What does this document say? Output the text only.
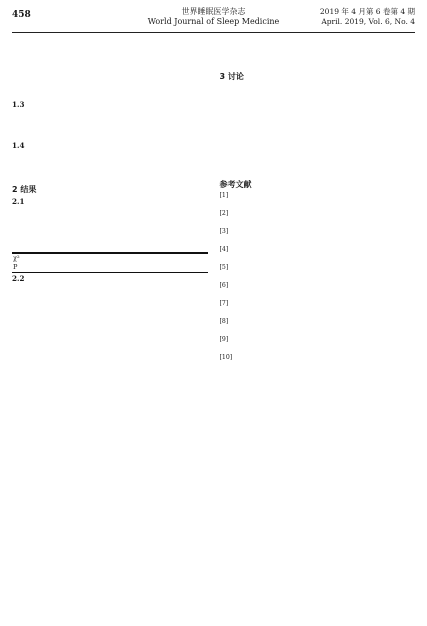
458	世界睡眠医学杂志
World Journal of Sleep Medicine
2019 年 4 月第 6 卷第 4 期
April. 2019, Vol. 6, No. 4

1.3

1.4

2 结果
2.1

χ²				
P				
2.2

3 讨论

参考文献
[1]
[2]
[3]
[4]
[5]
[6]
[7]
[8]
[9]
[10]
